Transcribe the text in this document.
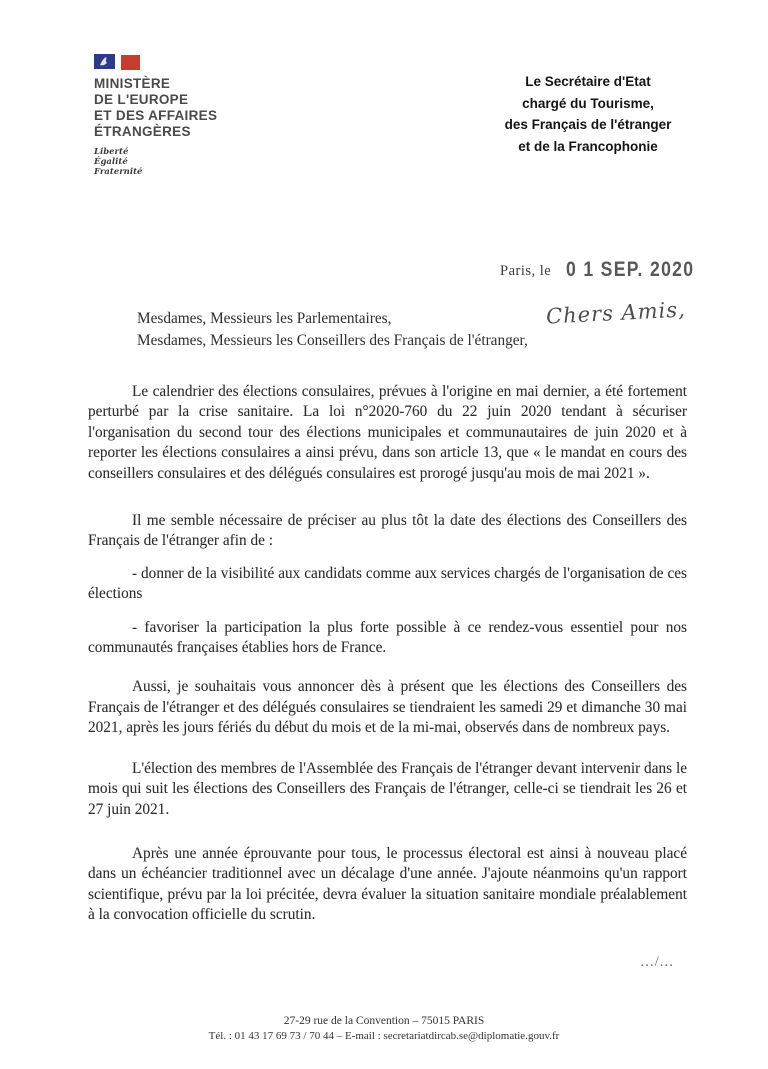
MINISTÈRE
DE L'EUROPE
ET DES AFFAIRES
ÉTRANGÈRES
Liberté
Égalité
Fraternité
Le Secrétaire d'Etat
chargé du Tourisme,
des Français de l'étranger
et de la Francophonie
Paris, le 0 1 SEP. 2020
Mesdames, Messieurs les Parlementaires,
Mesdames, Messieurs les Conseillers des Français de l'étranger,
Chers Amis,

Le calendrier des élections consulaires, prévues à l'origine en mai dernier, a été fortement perturbé par la crise sanitaire. La loi n°2020-760 du 22 juin 2020 tendant à sécuriser l'organisation du second tour des élections municipales et communautaires de juin 2020 et à reporter les élections consulaires a ainsi prévu, dans son article 13, que « le mandat en cours des conseillers consulaires et des délégués consulaires est prorogé jusqu'au mois de mai 2021 ».

Il me semble nécessaire de préciser au plus tôt la date des élections des Conseillers des Français de l'étranger afin de :

- donner de la visibilité aux candidats comme aux services chargés de l'organisation de ces élections

- favoriser la participation la plus forte possible à ce rendez-vous essentiel pour nos communautés françaises établies hors de France.

Aussi, je souhaitais vous annoncer dès à présent que les élections des Conseillers des Français de l'étranger et des délégués consulaires se tiendraient les samedi 29 et dimanche 30 mai 2021, après les jours fériés du début du mois et de la mi-mai, observés dans de nombreux pays.

L'élection des membres de l'Assemblée des Français de l'étranger devant intervenir dans le mois qui suit les élections des Conseillers des Français de l'étranger, celle-ci se tiendrait les 26 et 27 juin 2021.

Après une année éprouvante pour tous, le processus électoral est ainsi à nouveau placé dans un échéancier traditionnel avec un décalage d'une année. J'ajoute néanmoins qu'un rapport scientifique, prévu par la loi précitée, devra évaluer la situation sanitaire mondiale préalablement à la convocation officielle du scrutin.

.../...
27-29 rue de la Convention – 75015 PARIS
Tél. : 01 43 17 69 73 / 70 44 – E-mail : secretariatdircab.se@diplomatie.gouv.fr
